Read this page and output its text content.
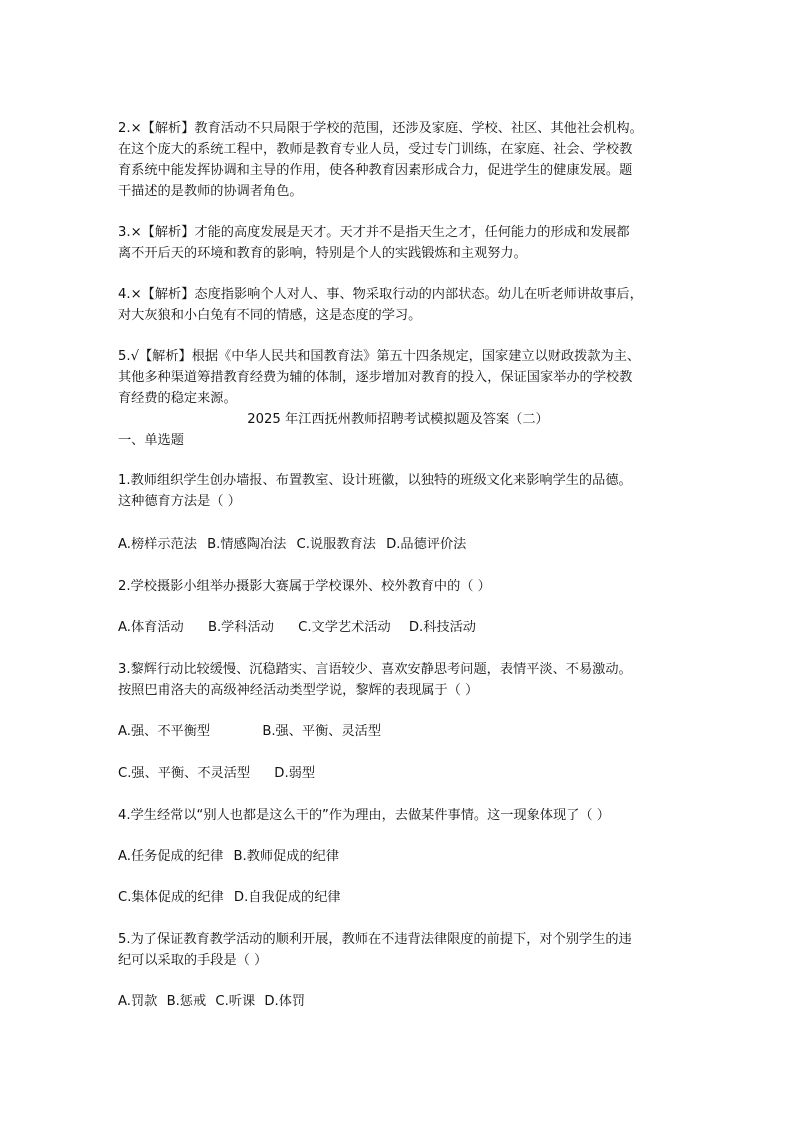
2.×【解析】教育活动不只局限于学校的范围，还涉及家庭、学校、社区、其他社会机构。
在这个庞大的系统工程中，教师是教育专业人员，受过专门训练，在家庭、社会、学校教
育系统中能发挥协调和主导的作用，使各种教育因素形成合力，促进学生的健康发展。题
干描述的是教师的协调者角色。

3.×【解析】才能的高度发展是天才。天才并不是指天生之才，任何能力的形成和发展都
离不开后天的环境和教育的影响，特别是个人的实践锻炼和主观努力。

4.×【解析】态度指影响个人对人、事、物采取行动的内部状态。幼儿在听老师讲故事后，
对大灰狼和小白兔有不同的情感，这是态度的学习。

5.√【解析】根据《中华人民共和国教育法》第五十四条规定，国家建立以财政拨款为主、
其他多种渠道筹措教育经费为辅的体制，逐步增加对教育的投入，保证国家举办的学校教
育经费的稳定来源。

2025 年江西抚州教师招聘考试模拟题及答案（二）

一、单选题

1.教师组织学生创办墙报、布置教室、设计班徽，以独特的班级文化来影响学生的品德。
这种德育方法是（ ）

A.榜样示范法 B.情感陶冶法 C.说服教育法 D.品德评价法

2.学校摄影小组举办摄影大赛属于学校课外、校外教育中的（ ）

A.体育活动 B.学科活动 C.文学艺术活动 D.科技活动

3.黎辉行动比较缓慢、沉稳踏实、言语较少、喜欢安静思考问题，表情平淡、不易激动。
按照巴甫洛夫的高级神经活动类型学说，黎辉的表现属于（ ）

A.强、不平衡型	B.强、平衡、灵活型

C.强、平衡、不灵活型 D.弱型

4.学生经常以“别人也都是这么干的”作为理由，去做某件事情。这一现象体现了（ ）

A.任务促成的纪律 B.教师促成的纪律

C.集体促成的纪律 D.自我促成的纪律

5.为了保证教育教学活动的顺利开展，教师在不违背法律限度的前提下，对个别学生的违
纪可以采取的手段是（ ）

A.罚款 B.惩戒 C.听课 D.体罚
